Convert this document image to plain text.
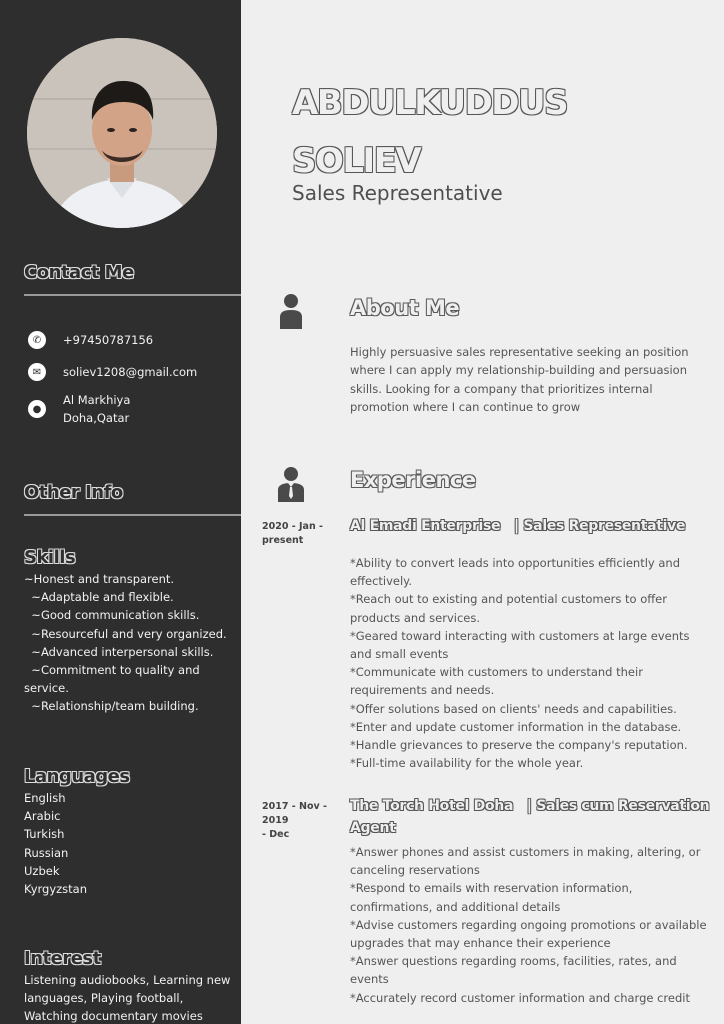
Contact Me
✆	+97450787156
✉	soliev1208@gmail.com
●
Al Markhiya
Doha,Qatar
Other Info
Skills
~Honest and transparent.
~Adaptable and flexible.
~Good communication skills.
~Resourceful and very organized.
~Advanced interpersonal skills.
~Commitment to quality and
service.
~Relationship/team building.
Languages
English
Arabic
Turkish
Russian
Uzbek
Kyrgyzstan
Interest
Listening audiobooks, Learning new
languages, Playing football,
Watching documentary movies
ABDULKUDDUS
SOLIEV
Sales Representative
About Me
Highly persuasive sales representative seeking an position
where I can apply my relationship-building and persuasion
skills. Looking for a company that prioritizes internal
promotion where I can continue to grow
Experience
2020 - Jan -
present
Al Emadi Enterprise   | Sales Representative
*Ability to convert leads into opportunities efficiently and
effectively.
*Reach out to existing and potential customers to offer
products and services.
*Geared toward interacting with customers at large events
and small events
*Communicate with customers to understand their
requirements and needs.
*Offer solutions based on clients' needs and capabilities.
*Enter and update customer information in the database.
*Handle grievances to preserve the company's reputation.
*Full-time availability for the whole year.
2017 - Nov - 2019
- Dec
The Torch Hotel Doha   | Sales cum Reservation
Agent
*Answer phones and assist customers in making, altering, or
canceling reservations
*Respond to emails with reservation information,
confirmations, and additional details
*Advise customers regarding ongoing promotions or available
upgrades that may enhance their experience
*Answer questions regarding rooms, facilities, rates, and
events
*Accurately record customer information and charge credit
